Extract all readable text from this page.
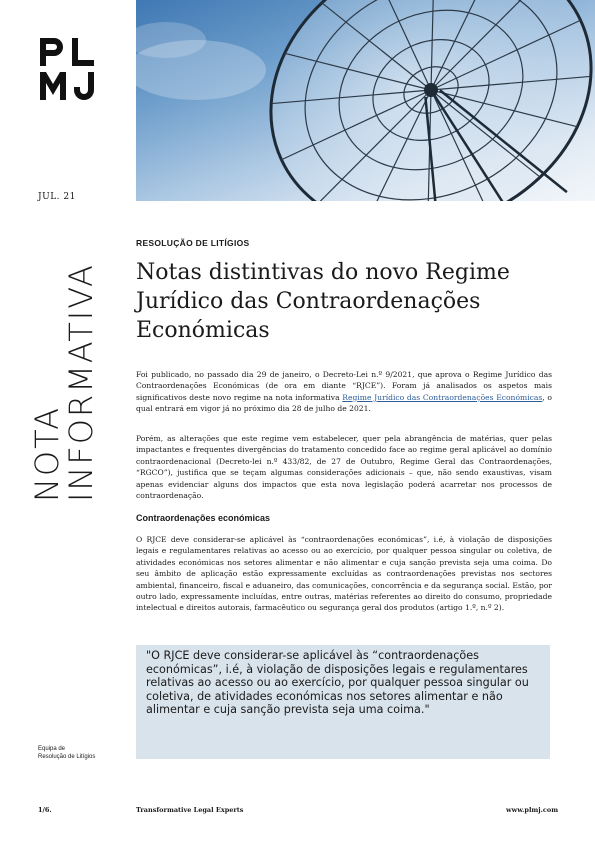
JUL. 21
NOTA
INFORMATIVA
RESOLUÇÃO DE LITÍGIOS
Notas distintivas do novo Regime Jurídico das Contraordenações Económicas
Foi publicado, no passado dia 29 de janeiro, o Decreto-Lei n.º 9/2021, que aprova o Regime Jurídico das Contraordenações Económicas (de ora em diante “RJCE”). Foram já analisados os aspetos mais significativos deste novo regime na nota informativa Regime Jurídico das Contraordenações Económicas, o qual entrará em vigor já no próximo dia 28 de julho de 2021.
Porém, as alterações que este regime vem estabelecer, quer pela abrangência de matérias, quer pelas impactantes e frequentes divergências do tratamento concedido face ao regime geral aplicável ao domínio contraordenacional (Decreto-lei n.º 433/82, de 27 de Outubro, Regime Geral das Contraordenações, “RGCO”), justifica que se teçam algumas considerações adicionais – que, não sendo exaustivas, visam apenas evidenciar alguns dos impactos que esta nova legislação poderá acarretar nos processos de contraordenação.
Contraordenações económicas
O RJCE deve considerar-se aplicável às “contraordenações económicas”, i.é, à violação de disposições legais e regulamentares relativas ao acesso ou ao exercício, por qualquer pessoa singular ou coletiva, de atividades económicas nos setores alimentar e não alimentar e cuja sanção prevista seja uma coima. Do seu âmbito de aplicação estão expressamente excluídas as contraordenações previstas nos sectores ambiental, financeiro, fiscal e aduaneiro, das comunicações, concorrência e da segurança social. Estão, por outro lado, expressamente incluídas, entre outras, matérias referentes ao direito do consumo, propriedade intelectual e direitos autorais, farmacêutico ou segurança geral dos produtos (artigo 1.º, n.º 2).
"O RJCE deve considerar-se aplicável às “contraordenações económicas”, i.é, à violação de disposições legais e regulamentares relativas ao acesso ou ao exercício, por qualquer pessoa singular ou coletiva, de atividades económicas nos setores alimentar e não alimentar e cuja sanção prevista seja uma coima."
Equipa de
Resolução de Litígios
1/6.	Transformative Legal Experts	www.plmj.com
